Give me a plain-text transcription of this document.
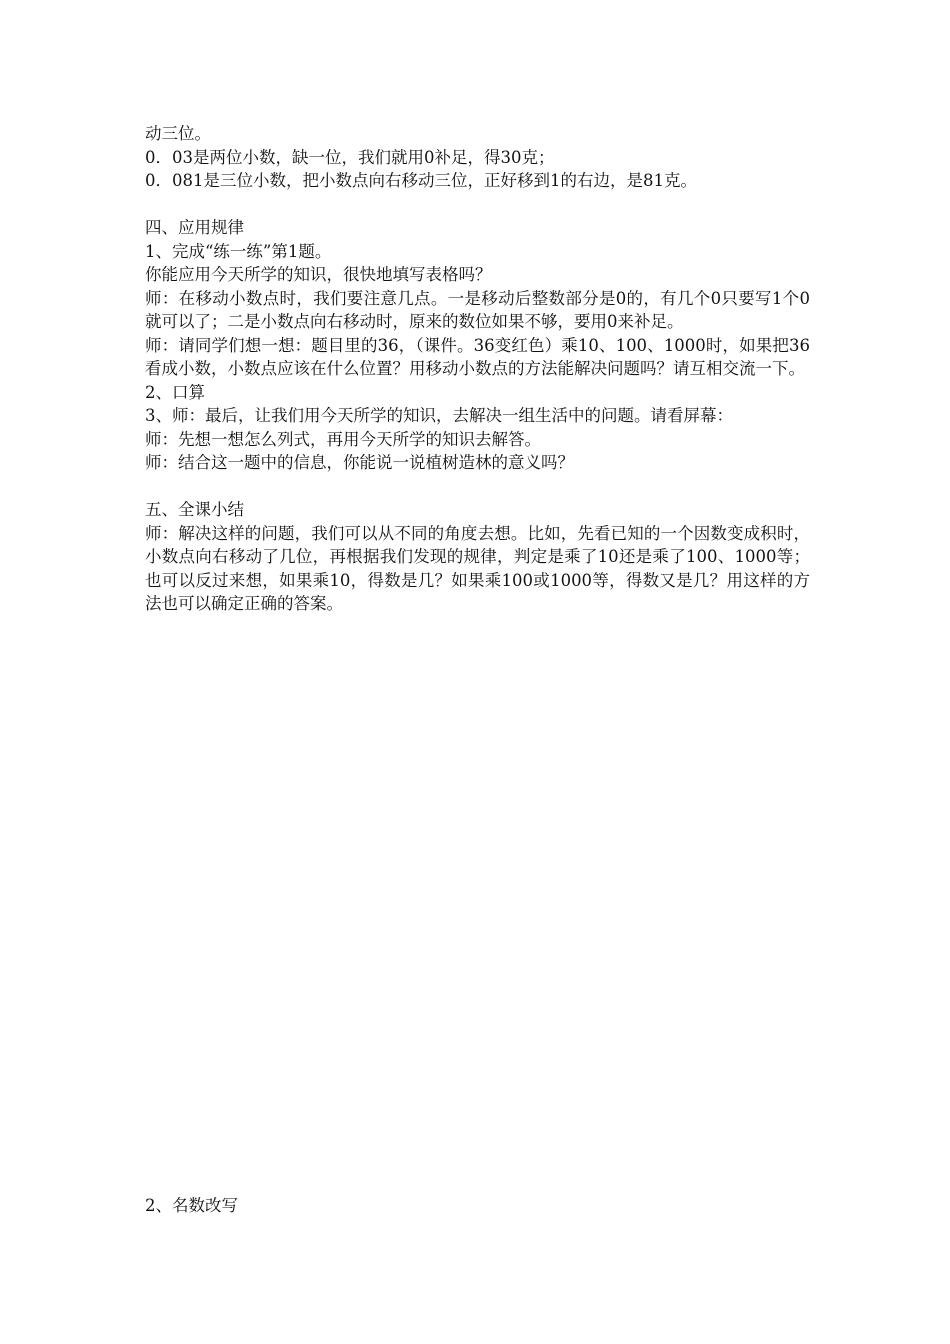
动三位。

0．03是两位小数，缺一位，我们就用0补足，得30克；

0．081是三位小数，把小数点向右移动三位，正好移到1的右边，是81克。

四、应用规律

1、完成“练一练”第1题。

你能应用今天所学的知识，很快地填写表格吗？

师：在移动小数点时，我们要注意几点。一是移动后整数部分是0的，有几个0只要写1个0就可以了；二是小数点向右移动时，原来的数位如果不够，要用0来补足。

师：请同学们想一想：题目里的36，（课件。36变红色）乘10、100、1000时，如果把36看成小数，小数点应该在什么位置？用移动小数点的方法能解决问题吗？请互相交流一下。

2、口算

3、师：最后，让我们用今天所学的知识，去解决一组生活中的问题。请看屏幕：

师：先想一想怎么列式，再用今天所学的知识去解答。

师：结合这一题中的信息，你能说一说植树造林的意义吗？

五、全课小结

师：解决这样的问题，我们可以从不同的角度去想。比如，先看已知的一个因数变成积时，小数点向右移动了几位，再根据我们发现的规律，判定是乘了10还是乘了100、1000等；也可以反过来想，如果乘10，得数是几？如果乘100或1000等，得数又是几？用这样的方法也可以确定正确的答案。

2、名数改写
